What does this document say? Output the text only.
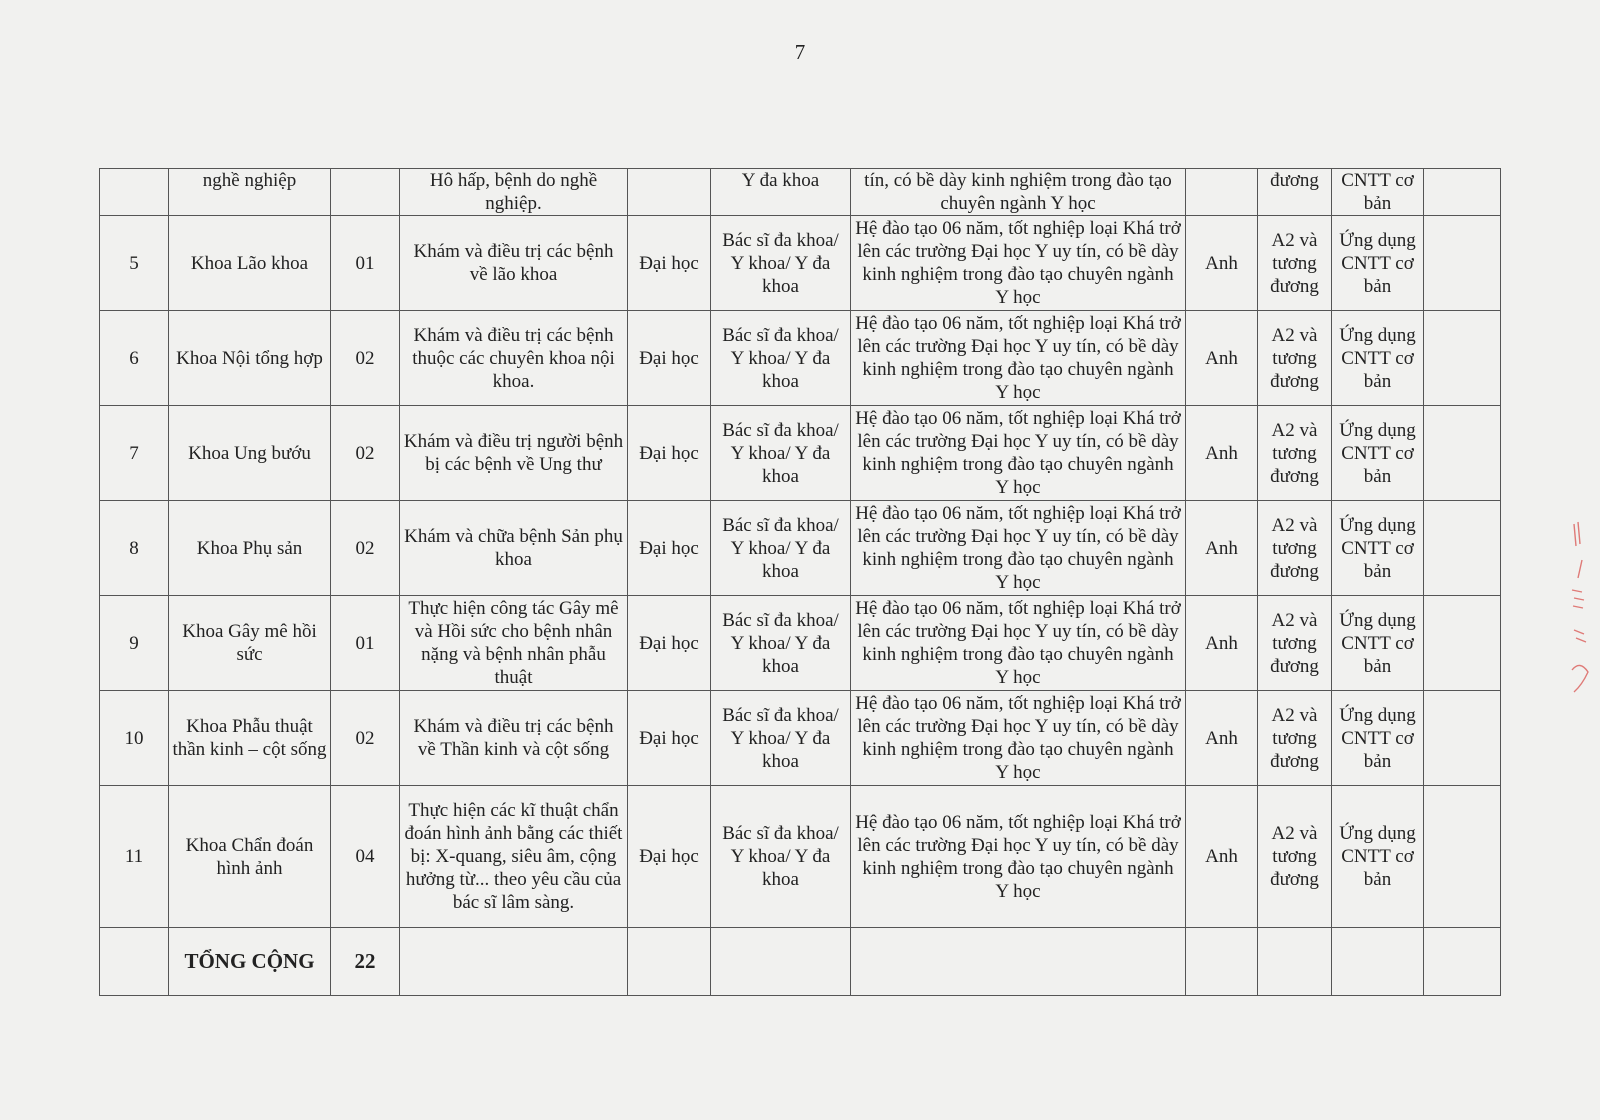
7
	nghề nghiệp		Hô hấp, bệnh do nghề nghiệp.		Y đa khoa	tín, có bề dày kinh nghiệm trong đào tạo chuyên ngành Y học		đương	CNTT cơ bản	
5	Khoa Lão khoa	01	Khám và điều trị các bệnh về lão khoa	Đại học	Bác sĩ đa khoa/ Y khoa/ Y đa khoa	Hệ đào tạo 06 năm, tốt nghiệp loại Khá trở lên các trường Đại học Y uy tín, có bề dày kinh nghiệm trong đào tạo chuyên ngành Y học	Anh	A2 và tương đương	Ứng dụng CNTT cơ bản	
6	Khoa Nội tổng hợp	02	Khám và điều trị các bệnh thuộc các chuyên khoa nội khoa.	Đại học	Bác sĩ đa khoa/ Y khoa/ Y đa khoa	Hệ đào tạo 06 năm, tốt nghiệp loại Khá trở lên các trường Đại học Y uy tín, có bề dày kinh nghiệm trong đào tạo chuyên ngành Y học	Anh	A2 và tương đương	Ứng dụng CNTT cơ bản	
7	Khoa Ung bướu	02	Khám và điều trị người bệnh bị các bệnh về Ung thư	Đại học	Bác sĩ đa khoa/ Y khoa/ Y đa khoa	Hệ đào tạo 06 năm, tốt nghiệp loại Khá trở lên các trường Đại học Y uy tín, có bề dày kinh nghiệm trong đào tạo chuyên ngành Y học	Anh	A2 và tương đương	Ứng dụng CNTT cơ bản	
8	Khoa Phụ sản	02	Khám và chữa bệnh Sản phụ khoa	Đại học	Bác sĩ đa khoa/ Y khoa/ Y đa khoa	Hệ đào tạo 06 năm, tốt nghiệp loại Khá trở lên các trường Đại học Y uy tín, có bề dày kinh nghiệm trong đào tạo chuyên ngành Y học	Anh	A2 và tương đương	Ứng dụng CNTT cơ bản	
9	Khoa Gây mê hồi sức	01	Thực hiện công tác Gây mê và Hồi sức cho bệnh nhân nặng và bệnh nhân phẫu thuật	Đại học	Bác sĩ đa khoa/ Y khoa/ Y đa khoa	Hệ đào tạo 06 năm, tốt nghiệp loại Khá trở lên các trường Đại học Y uy tín, có bề dày kinh nghiệm trong đào tạo chuyên ngành Y học	Anh	A2 và tương đương	Ứng dụng CNTT cơ bản	
10	Khoa Phẫu thuật thần kinh – cột sống	02	Khám và điều trị các bệnh về Thần kinh và cột sống	Đại học	Bác sĩ đa khoa/ Y khoa/ Y đa khoa	Hệ đào tạo 06 năm, tốt nghiệp loại Khá trở lên các trường Đại học Y uy tín, có bề dày kinh nghiệm trong đào tạo chuyên ngành Y học	Anh	A2 và tương đương	Ứng dụng CNTT cơ bản	
11	Khoa Chẩn đoán hình ảnh	04	Thực hiện các kĩ thuật chẩn đoán hình ảnh bằng các thiết bị: X-quang, siêu âm, cộng hưởng từ... theo yêu cầu của bác sĩ lâm sàng.	Đại học	Bác sĩ đa khoa/ Y khoa/ Y đa khoa	Hệ đào tạo 06 năm, tốt nghiệp loại Khá trở lên các trường Đại học Y uy tín, có bề dày kinh nghiệm trong đào tạo chuyên ngành Y học	Anh	A2 và tương đương	Ứng dụng CNTT cơ bản	
	TỔNG CỘNG	22								
